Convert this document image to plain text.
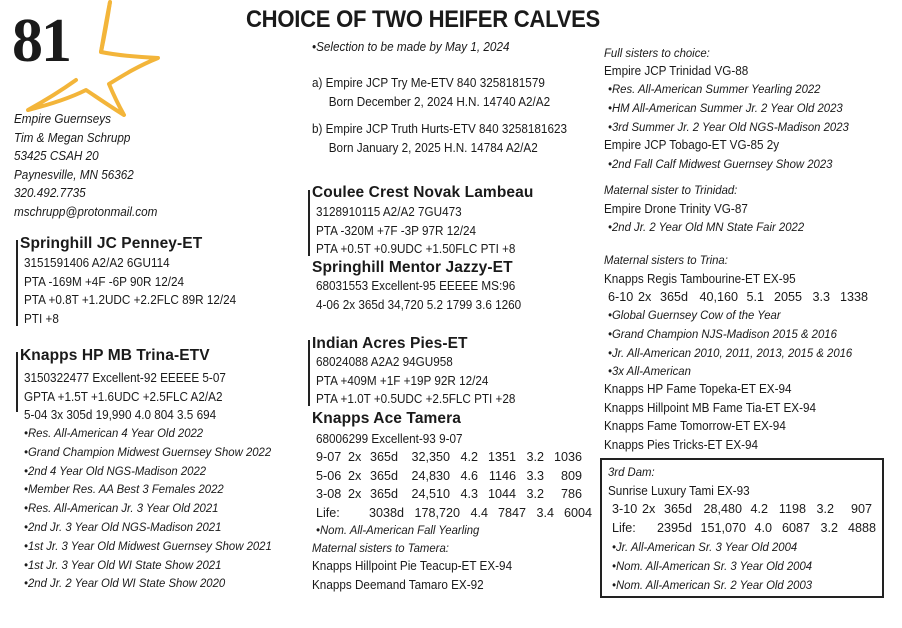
81	CHOICE OF TWO HEIFER CALVES
Empire Guernseys
Tim & Megan Schrupp
53425 CSAH 20
Paynesville, MN 56362
320.492.7735
mschrupp@protonmail.com
Springhill JC Penney-ET
3151591406 A2/A2 6GU114
PTA -169M +4F -6P 90R 12/24
PTA +0.8T +1.2UDC +2.2FLC 89R 12/24
PTI +8
Knapps HP MB Trina-ETV
3150322477 Excellent-92 EEEEE 5-07
GPTA +1.5T +1.6UDC +2.5FLC A2/A2
5-04 3x 305d 19,990 4.0 804 3.5 694
•Res. All-American 4 Year Old 2022
•Grand Champion Midwest Guernsey Show 2022
•2nd 4 Year Old NGS-Madison 2022
•Member Res. AA Best 3 Females 2022
•Res. All-American Jr. 3 Year Old 2021
•2nd Jr. 3 Year Old NGS-Madison 2021
•1st Jr. 3 Year Old Midwest Guernsey Show 2021
•1st Jr. 3 Year Old WI State Show 2021
•2nd Jr. 2 Year Old WI State Show 2020
•Selection to be made by May 1, 2024
a) Empire JCP Try Me-ETV 840 3258181579
Born December 2, 2024 H.N. 14740 A2/A2
b) Empire JCP Truth Hurts-ETV 840 3258181623
Born January 2, 2025 H.N. 14784 A2/A2
Coulee Crest Novak Lambeau
3128910115 A2/A2 7GU473
PTA -320M +7F -3P 97R 12/24
PTA +0.5T +0.9UDC +1.50FLC PTI +8
Springhill Mentor Jazzy-ET
68031553 Excellent-95 EEEEE MS:96
4-06 2x 365d 34,720 5.2 1799 3.6 1260
Indian Acres Pies-ET
68024088 A2A2 94GU958
PTA +409M +1F +19P 92R 12/24
PTA +1.0T +0.5UDC +2.5FLC PTI +28
Knapps Ace Tamera
68006299 Excellent-93 9-07
9-07 2x 365d	32,350 4.2 1351 3.2 1036
5-06 2x 365d	24,830 4.6 1146 3.3	809
3-08 2x 365d	24,510 4.3 1044 3.2	786
Life:	3038d 178,720 4.4 7847 3.4 6004
•Nom. All-American Fall Yearling
Maternal sisters to Tamera:
Knapps Hillpoint Pie Teacup-ET EX-94
Knapps Deemand Tamaro EX-92
Full sisters to choice:
Empire JCP Trinidad VG-88
•Res. All-American Summer Yearling 2022
•HM All-American Summer Jr. 2 Year Old 2023
•3rd Summer Jr. 2 Year Old NGS-Madison 2023
Empire JCP Tobago-ET VG-85 2y
•2nd Fall Calf Midwest Guernsey Show 2023
Maternal sister to Trinidad:
Empire Drone Trinity VG-87
•2nd Jr. 2 Year Old MN State Fair 2022
Maternal sisters to Trina:
Knapps Regis Tambourine-ET EX-95
6-10 2x 365d 40,160 5.1 2055 3.3 1338
•Global Guernsey Cow of the Year
•Grand Champion NJS-Madison 2015 & 2016
•Jr. All-American 2010, 2011, 2013, 2015 & 2016
•3x All-American
Knapps HP Fame Topeka-ET EX-94
Knapps Hillpoint MB Fame Tia-ET EX-94
Knapps Fame Tomorrow-ET EX-94
Knapps Pies Tricks-ET EX-94
3rd Dam:
Sunrise Luxury Tami EX-93
3-10 2x 365d 28,480 4.2 1198 3.2	907
Life:	2395d 151,070 4.0 6087 3.2 4888
•Jr. All-American Sr. 3 Year Old 2004
•Nom. All-American Sr. 3 Year Old 2004
•Nom. All-American Sr. 2 Year Old 2003
